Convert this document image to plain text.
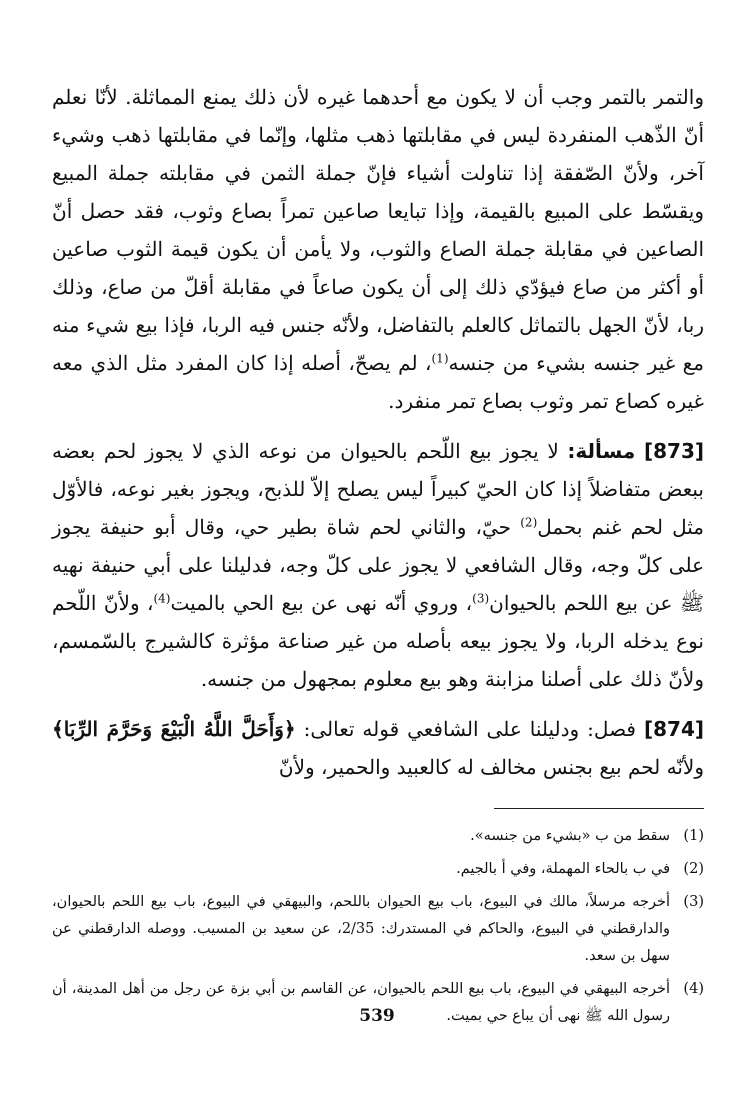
والتمر بالتمر وجب أن لا يكون مع أحدهما غيره لأن ذلك يمنع المماثلة. لأنّا نعلم أنّ الذّهب المنفردة ليس في مقابلتها ذهب مثلها، وإنّما في مقابلتها ذهب وشيء آخر، ولأنّ الصّفقة إذا تناولت أشياء فإنّ جملة الثمن في مقابلته جملة المبيع ويقسّط على المبيع بالقيمة، وإذا تبايعا صاعين تمراً بصاع وثوب، فقد حصل أنّ الصاعين في مقابلة جملة الصاع والثوب، ولا يأمن أن يكون قيمة الثوب صاعين أو أكثر من صاع فيؤدّي ذلك إلى أن يكون صاعاً في مقابلة أقلّ من صاع، وذلك ربا، لأنّ الجهل بالتماثل كالعلم بالتفاضل، ولأنّه جنس فيه الربا، فإذا بيع شيء منه مع غير جنسه بشيء من جنسه$^{(1)}$، لم يصحّ، أصله إذا كان المفرد مثل الذي معه غيره كصاع تمر وثوب بصاع تمر منفرد.

[873] مسألة: لا يجوز بيع اللّحم بالحيوان من نوعه الذي لا يجوز لحم بعضه ببعض متفاضلاً إذا كان الحيّ كبيراً ليس يصلح إلاّ للذبح، ويجوز بغير نوعه، فالأوّل مثل لحم غنم بحمل$^{(2)}$ حيّ، والثاني لحم شاة بطير حي، وقال أبو حنيفة يجوز على كلّ وجه، وقال الشافعي لا يجوز على كلّ وجه، فدليلنا على أبي حنيفة نهيه ﷺ عن بيع اللحم بالحيوان$^{(3)}$، وروي أنّه نهى عن بيع الحي بالميت$^{(4)}$، ولأنّ اللّحم نوع يدخله الربا، ولا يجوز بيعه بأصله من غير صناعة مؤثرة كالشيرج بالسّمسم، ولأنّ ذلك على أصلنا مزابنة وهو بيع معلوم بمجهول من جنسه.

[874] فصل: ودليلنا على الشافعي قوله تعالى: ﴿وَأَحَلَّ اللَّهُ الْبَيْعَ وَحَرَّمَ الرِّبَا﴾ ولأنّه لحم بيع بجنس مخالف له كالعبيد والحمير، ولأنّ

(1)
سقط من ب «بشيء من جنسه».
(2)
في ب بالحاء المهملة، وفي أ بالجيم.
(3)
أخرجه مرسلاً، مالك في البيوع، باب بيع الحيوان باللحم، والبيهقي في البيوع، باب بيع اللحم بالحيوان، والدارقطني في البيوع، والحاكم في المستدرك: 2/35، عن سعيد بن المسيب. ووصله الدارقطني عن سهل بن سعد.
(4)
أخرجه البيهقي في البيوع، باب بيع اللحم بالحيوان، عن القاسم بن أبي بزة عن رجل من أهل المدينة، أن رسول الله ﷺ نهى أن يباع حي بميت.
539
